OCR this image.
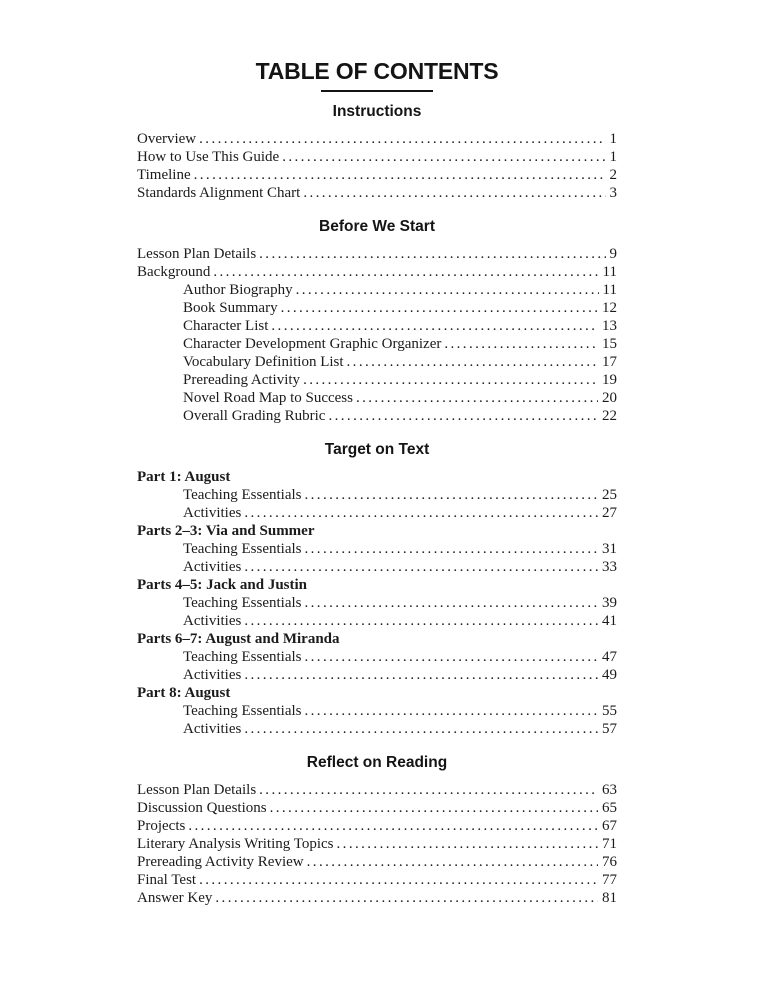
TABLE OF CONTENTS
Instructions
Overview .....	1
How to Use This Guide .....	1
Timeline .....	2
Standards Alignment Chart .....	3
Before We Start
Lesson Plan Details .....	9
Background .....	11
Author Biography .....	11
Book Summary .....	12
Character List .....	13
Character Development Graphic Organizer .....	15
Vocabulary Definition List .....	17
Prereading Activity .....	19
Novel Road Map to Success .....	20
Overall Grading Rubric .....	22
Target on Text
Part 1: August
Teaching Essentials .....	25
Activities .....	27
Parts 2–3: Via and Summer
Teaching Essentials .....	31
Activities .....	33
Parts 4–5: Jack and Justin
Teaching Essentials .....	39
Activities .....	41
Parts 6–7: August and Miranda
Teaching Essentials .....	47
Activities .....	49
Part 8: August
Teaching Essentials .....	55
Activities .....	57
Reflect on Reading
Lesson Plan Details .....	63
Discussion Questions .....	65
Projects .....	67
Literary Analysis Writing Topics .....	71
Prereading Activity Review .....	76
Final Test .....	77
Answer Key .....	81
